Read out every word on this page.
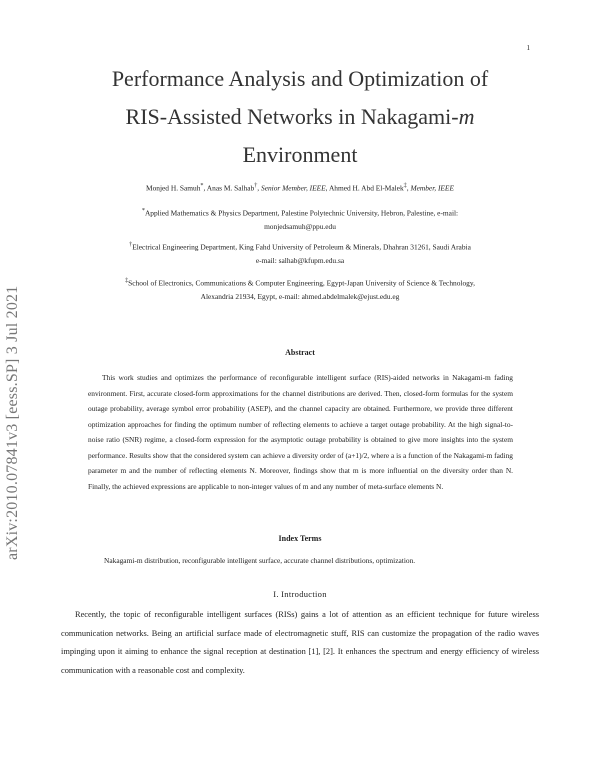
1
arXiv:2010.07841v3 [eess.SP] 3 Jul 2021
Performance Analysis and Optimization of
RIS-Assisted Networks in Nakagami-m
Environment
Monjed H. Samuh*, Anas M. Salhab†, Senior Member, IEEE, Ahmed H. Abd El-Malek‡, Member, IEEE
*Applied Mathematics & Physics Department, Palestine Polytechnic University, Hebron, Palestine, e-mail:
monjedsamuh@ppu.edu
†Electrical Engineering Department, King Fahd University of Petroleum & Minerals, Dhahran 31261, Saudi Arabia
e-mail: salhab@kfupm.edu.sa
‡School of Electronics, Communications & Computer Engineering, Egypt-Japan University of Science & Technology,
Alexandria 21934, Egypt, e-mail: ahmed.abdelmalek@ejust.edu.eg
Abstract
This work studies and optimizes the performance of reconfigurable intelligent surface (RIS)-aided networks in Nakagami-m fading environment. First, accurate closed-form approximations for the channel distributions are derived. Then, closed-form formulas for the system outage probability, average symbol error probability (ASEP), and the channel capacity are obtained. Furthermore, we provide three different optimization approaches for finding the optimum number of reflecting elements to achieve a target outage probability. At the high signal-to-noise ratio (SNR) regime, a closed-form expression for the asymptotic outage probability is obtained to give more insights into the system performance. Results show that the considered system can achieve a diversity order of (a+1)/2, where a is a function of the Nakagami-m fading parameter m and the number of reflecting elements N. Moreover, findings show that m is more influential on the diversity order than N. Finally, the achieved expressions are applicable to non-integer values of m and any number of meta-surface elements N.
Index Terms
Nakagami-m distribution, reconfigurable intelligent surface, accurate channel distributions, optimization.
I. Introduction
Recently, the topic of reconfigurable intelligent surfaces (RISs) gains a lot of attention as an efficient technique for future wireless communication networks. Being an artificial surface made of electromagnetic stuff, RIS can customize the propagation of the radio waves impinging upon it aiming to enhance the signal reception at destination [1], [2]. It enhances the spectrum and energy efficiency of wireless communication with a reasonable cost and complexity.
